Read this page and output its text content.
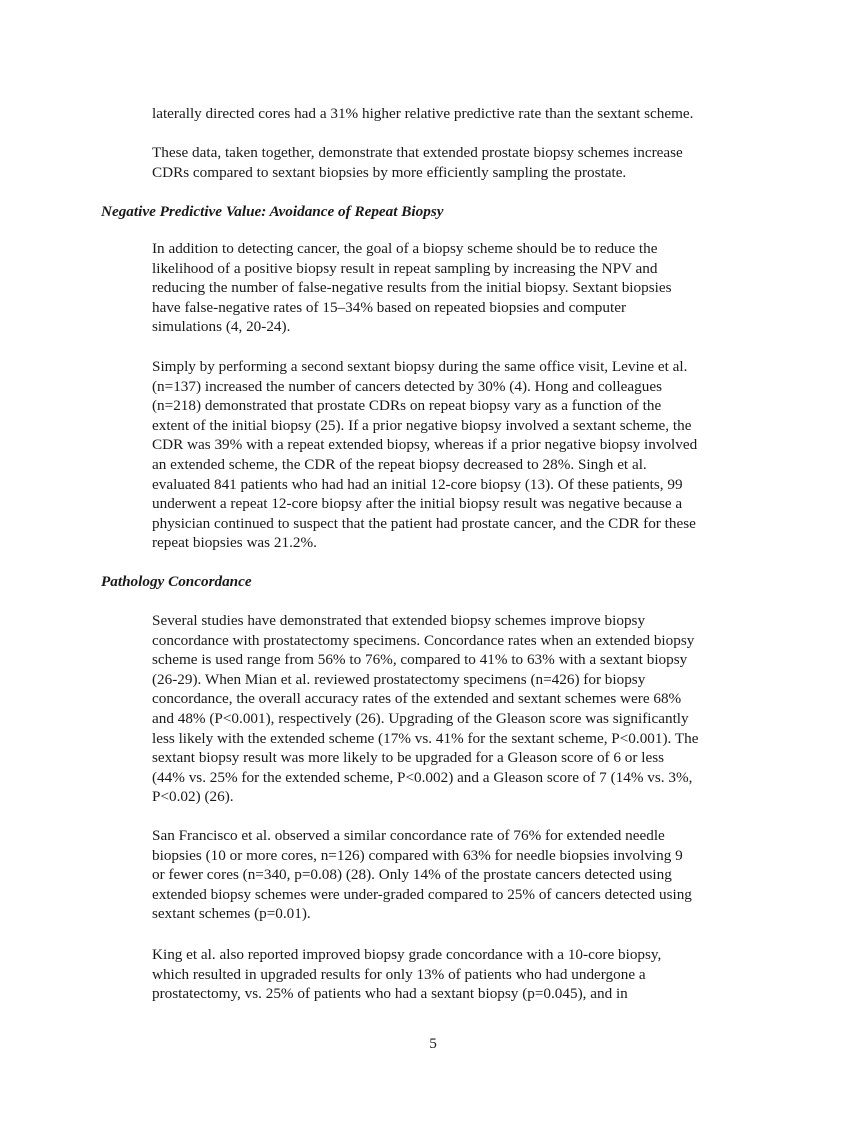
laterally directed cores had a 31% higher relative predictive rate than the sextant scheme.
These data, taken together, demonstrate that extended prostate biopsy schemes increase
CDRs compared to sextant biopsies by more efficiently sampling the prostate.
Negative Predictive Value: Avoidance of Repeat Biopsy
In addition to detecting cancer, the goal of a biopsy scheme should be to reduce the
likelihood of a positive biopsy result in repeat sampling by increasing the NPV and
reducing the number of false-negative results from the initial biopsy. Sextant biopsies
have false-negative rates of 15–34% based on repeated biopsies and computer
simulations (4, 20-24).
Simply by performing a second sextant biopsy during the same office visit, Levine et al.
(n=137) increased the number of cancers detected by 30% (4). Hong and colleagues
(n=218) demonstrated that prostate CDRs on repeat biopsy vary as a function of the
extent of the initial biopsy (25). If a prior negative biopsy involved a sextant scheme, the
CDR was 39% with a repeat extended biopsy, whereas if a prior negative biopsy involved
an extended scheme, the CDR of the repeat biopsy decreased to 28%. Singh et al.
evaluated 841 patients who had had an initial 12-core biopsy (13). Of these patients, 99
underwent a repeat 12-core biopsy after the initial biopsy result was negative because a
physician continued to suspect that the patient had prostate cancer, and the CDR for these
repeat biopsies was 21.2%.
Pathology Concordance
Several studies have demonstrated that extended biopsy schemes improve biopsy
concordance with prostatectomy specimens. Concordance rates when an extended biopsy
scheme is used range from 56% to 76%, compared to 41% to 63% with a sextant biopsy
(26-29). When Mian et al. reviewed prostatectomy specimens (n=426) for biopsy
concordance, the overall accuracy rates of the extended and sextant schemes were 68%
and 48% (P<0.001), respectively (26). Upgrading of the Gleason score was significantly
less likely with the extended scheme (17% vs. 41% for the sextant scheme, P<0.001). The
sextant biopsy result was more likely to be upgraded for a Gleason score of 6 or less
(44% vs. 25% for the extended scheme, P<0.002) and a Gleason score of 7 (14% vs. 3%,
P<0.02) (26).
San Francisco et al. observed a similar concordance rate of 76% for extended needle
biopsies (10 or more cores, n=126) compared with 63% for needle biopsies involving 9
or fewer cores (n=340, p=0.08) (28). Only 14% of the prostate cancers detected using
extended biopsy schemes were under-graded compared to 25% of cancers detected using
sextant schemes (p=0.01).
King et al. also reported improved biopsy grade concordance with a 10-core biopsy,
which resulted in upgraded results for only 13% of patients who had undergone a
prostatectomy, vs. 25% of patients who had a sextant biopsy (p=0.045), and in
5
